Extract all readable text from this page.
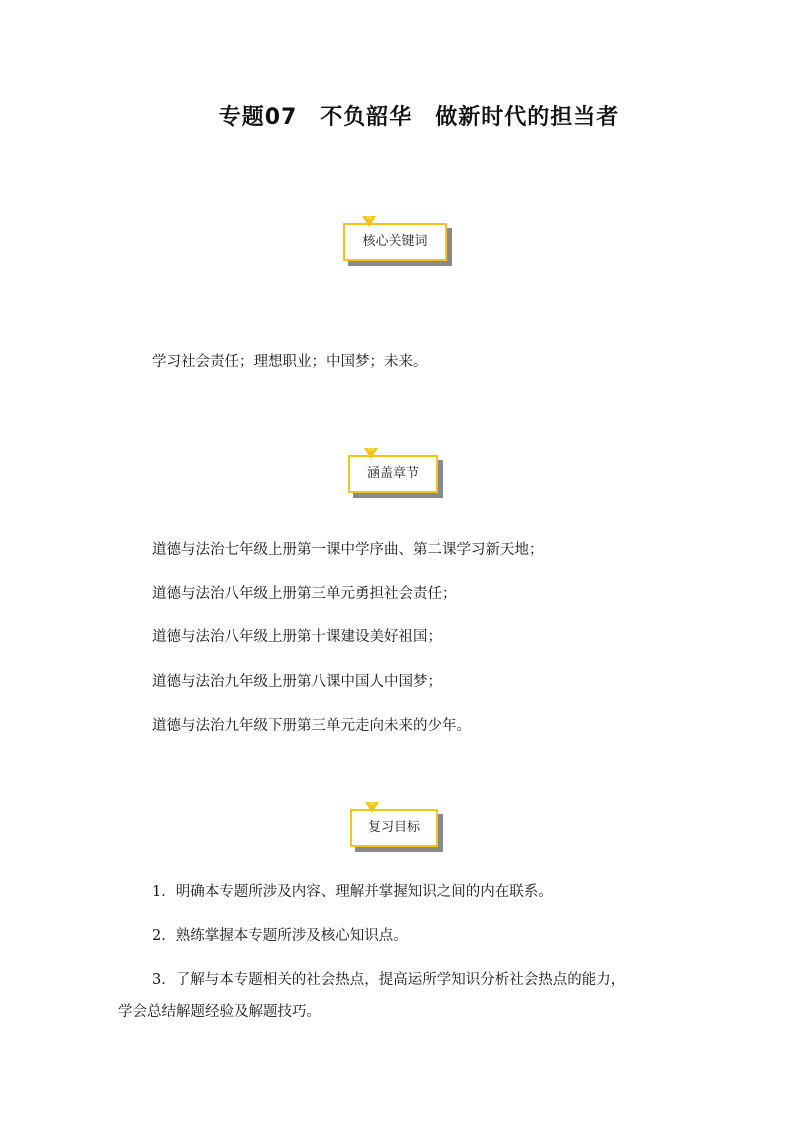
专题07　不负韶华　做新时代的担当者
核心关键词
学习社会责任；理想职业；中国梦；未来。
涵盖章节
道德与法治七年级上册第一课中学序曲、第二课学习新天地；
道德与法治八年级上册第三单元勇担社会责任；
道德与法治八年级上册第十课建设美好祖国；
道德与法治九年级上册第八课中国人中国梦；
道德与法治九年级下册第三单元走向未来的少年。
复习目标
1．明确本专题所涉及内容、理解并掌握知识之间的内在联系。
2．熟练掌握本专题所涉及核心知识点。
3．了解与本专题相关的社会热点，提高运所学知识分析社会热点的能力，
学会总结解题经验及解题技巧。
